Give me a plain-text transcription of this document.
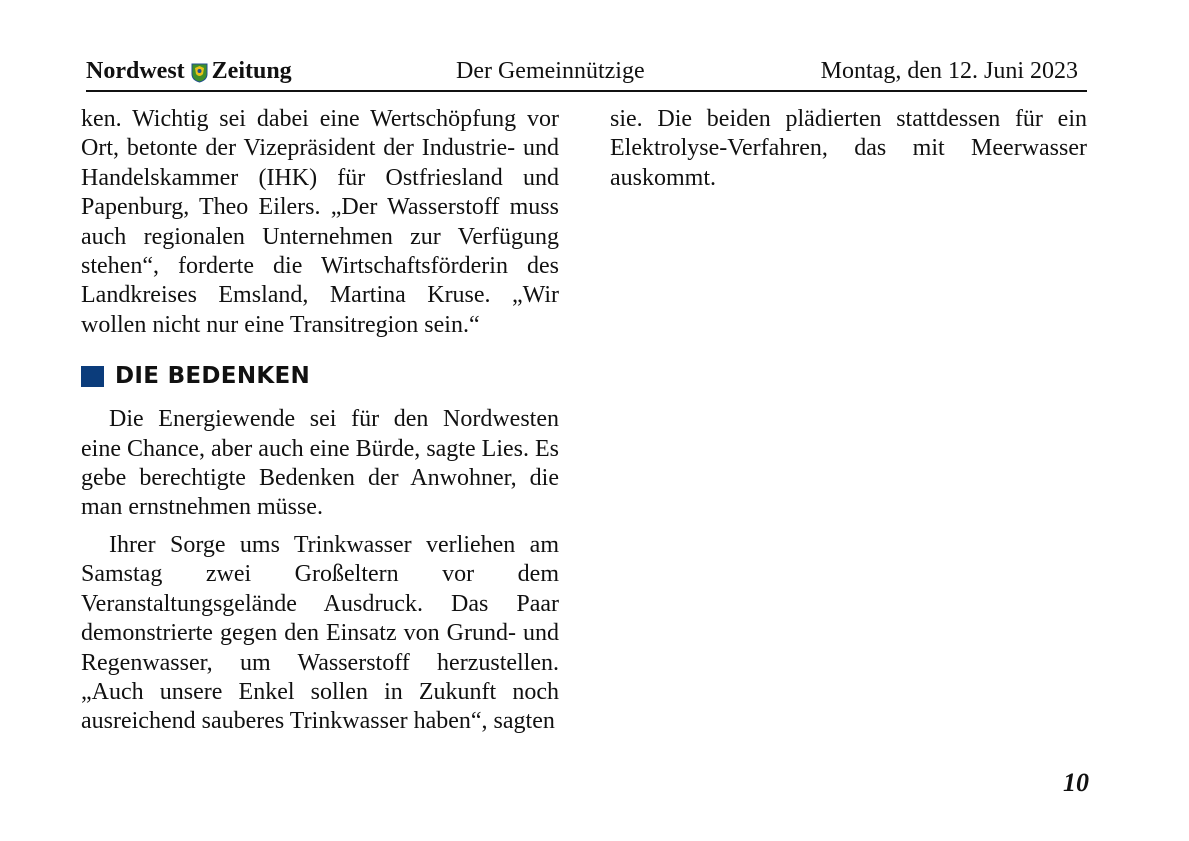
Nordwest Zeitung	Der Gemeinnützige	Montag, den 12. Juni 2023

ken. Wichtig sei dabei eine Wertschöpfung vor Ort, betonte der Vizepräsident der Industrie- und Handelskammer (IHK) für Ostfriesland und Papenburg, Theo Eilers. „Der Wasserstoff muss auch regionalen Unternehmen zur Verfügung stehen“, forderte die Wirtschaftsförderin des Landkreises Emsland, Martina Kruse. „Wir wollen nicht nur eine Transitregion sein.“

DIE BEDENKEN

Die Energiewende sei für den Nordwesten eine Chance, aber auch eine Bürde, sagte Lies. Es gebe berechtigte Bedenken der Anwohner, die man ernstnehmen müsse.

Ihrer Sorge ums Trinkwasser verliehen am Samstag zwei Großeltern vor dem Veranstaltungsgelände Ausdruck. Das Paar demonstrierte gegen den Einsatz von Grund- und Regenwasser, um Wasserstoff herzustellen. „Auch unsere Enkel sollen in Zukunft noch ausreichend sauberes Trinkwasser haben“, sagten

sie. Die beiden plädierten stattdessen für ein Elektrolyse-Verfahren, das mit Meerwasser auskommt.

10
